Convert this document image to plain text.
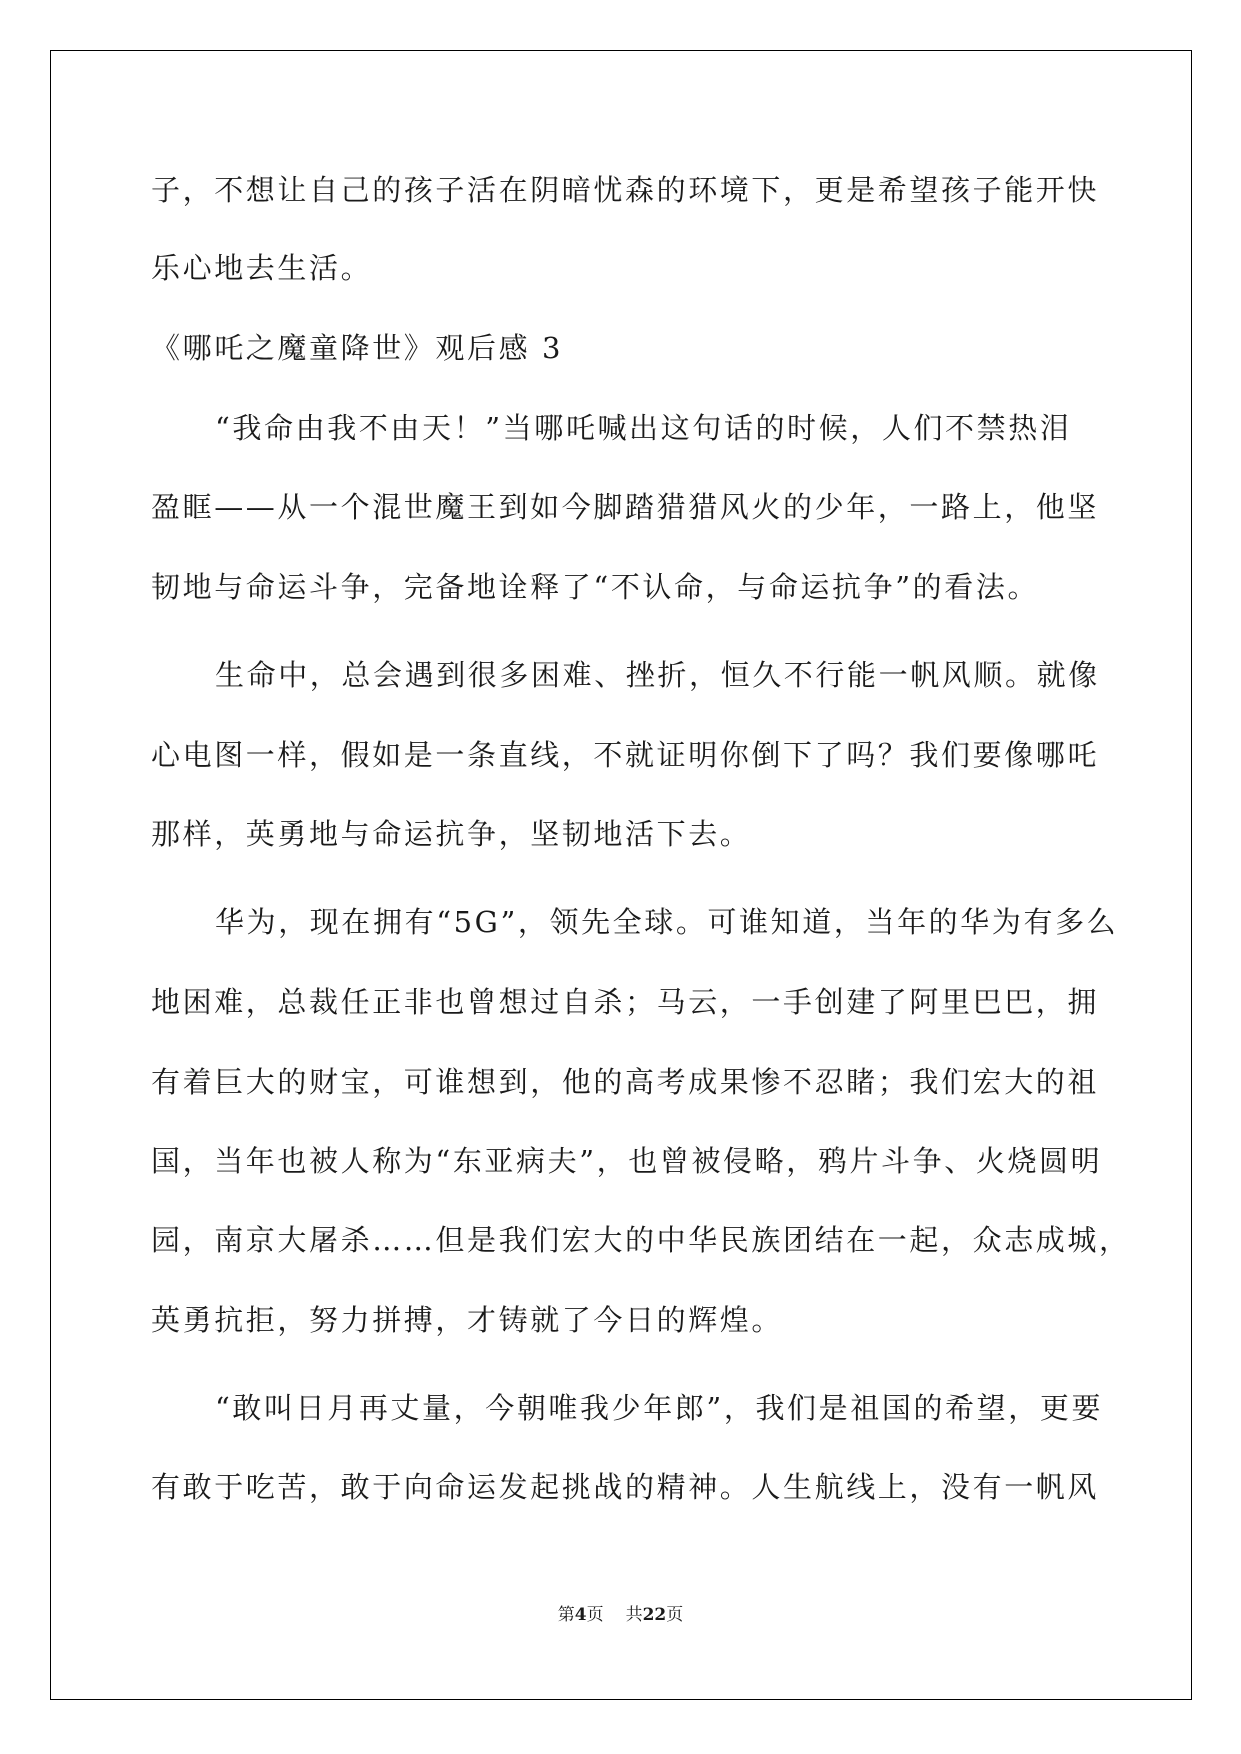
子，不想让自己的孩子活在阴暗忧森的环境下，更是希望孩子能开快
乐心地去生活。
《哪吒之魔童降世》观后感 3
“我命由我不由天！”当哪吒喊出这句话的时候，人们不禁热泪
盈眶——从一个混世魔王到如今脚踏猎猎风火的少年，一路上，他坚
韧地与命运斗争，完备地诠释了“不认命，与命运抗争”的看法。
生命中，总会遇到很多困难、挫折，恒久不行能一帆风顺。就像
心电图一样，假如是一条直线，不就证明你倒下了吗？我们要像哪吒
那样，英勇地与命运抗争，坚韧地活下去。
华为，现在拥有“5G”，领先全球。可谁知道，当年的华为有多么
地困难，总裁任正非也曾想过自杀；马云，一手创建了阿里巴巴，拥
有着巨大的财宝，可谁想到，他的高考成果惨不忍睹；我们宏大的祖
国，当年也被人称为“东亚病夫”，也曾被侵略，鸦片斗争、火烧圆明
园，南京大屠杀……但是我们宏大的中华民族团结在一起，众志成城，
英勇抗拒，努力拼搏，才铸就了今日的辉煌。
“敢叫日月再丈量，今朝唯我少年郎”，我们是祖国的希望，更要
有敢于吃苦，敢于向命运发起挑战的精神。人生航线上，没有一帆风
第4页 共22页
